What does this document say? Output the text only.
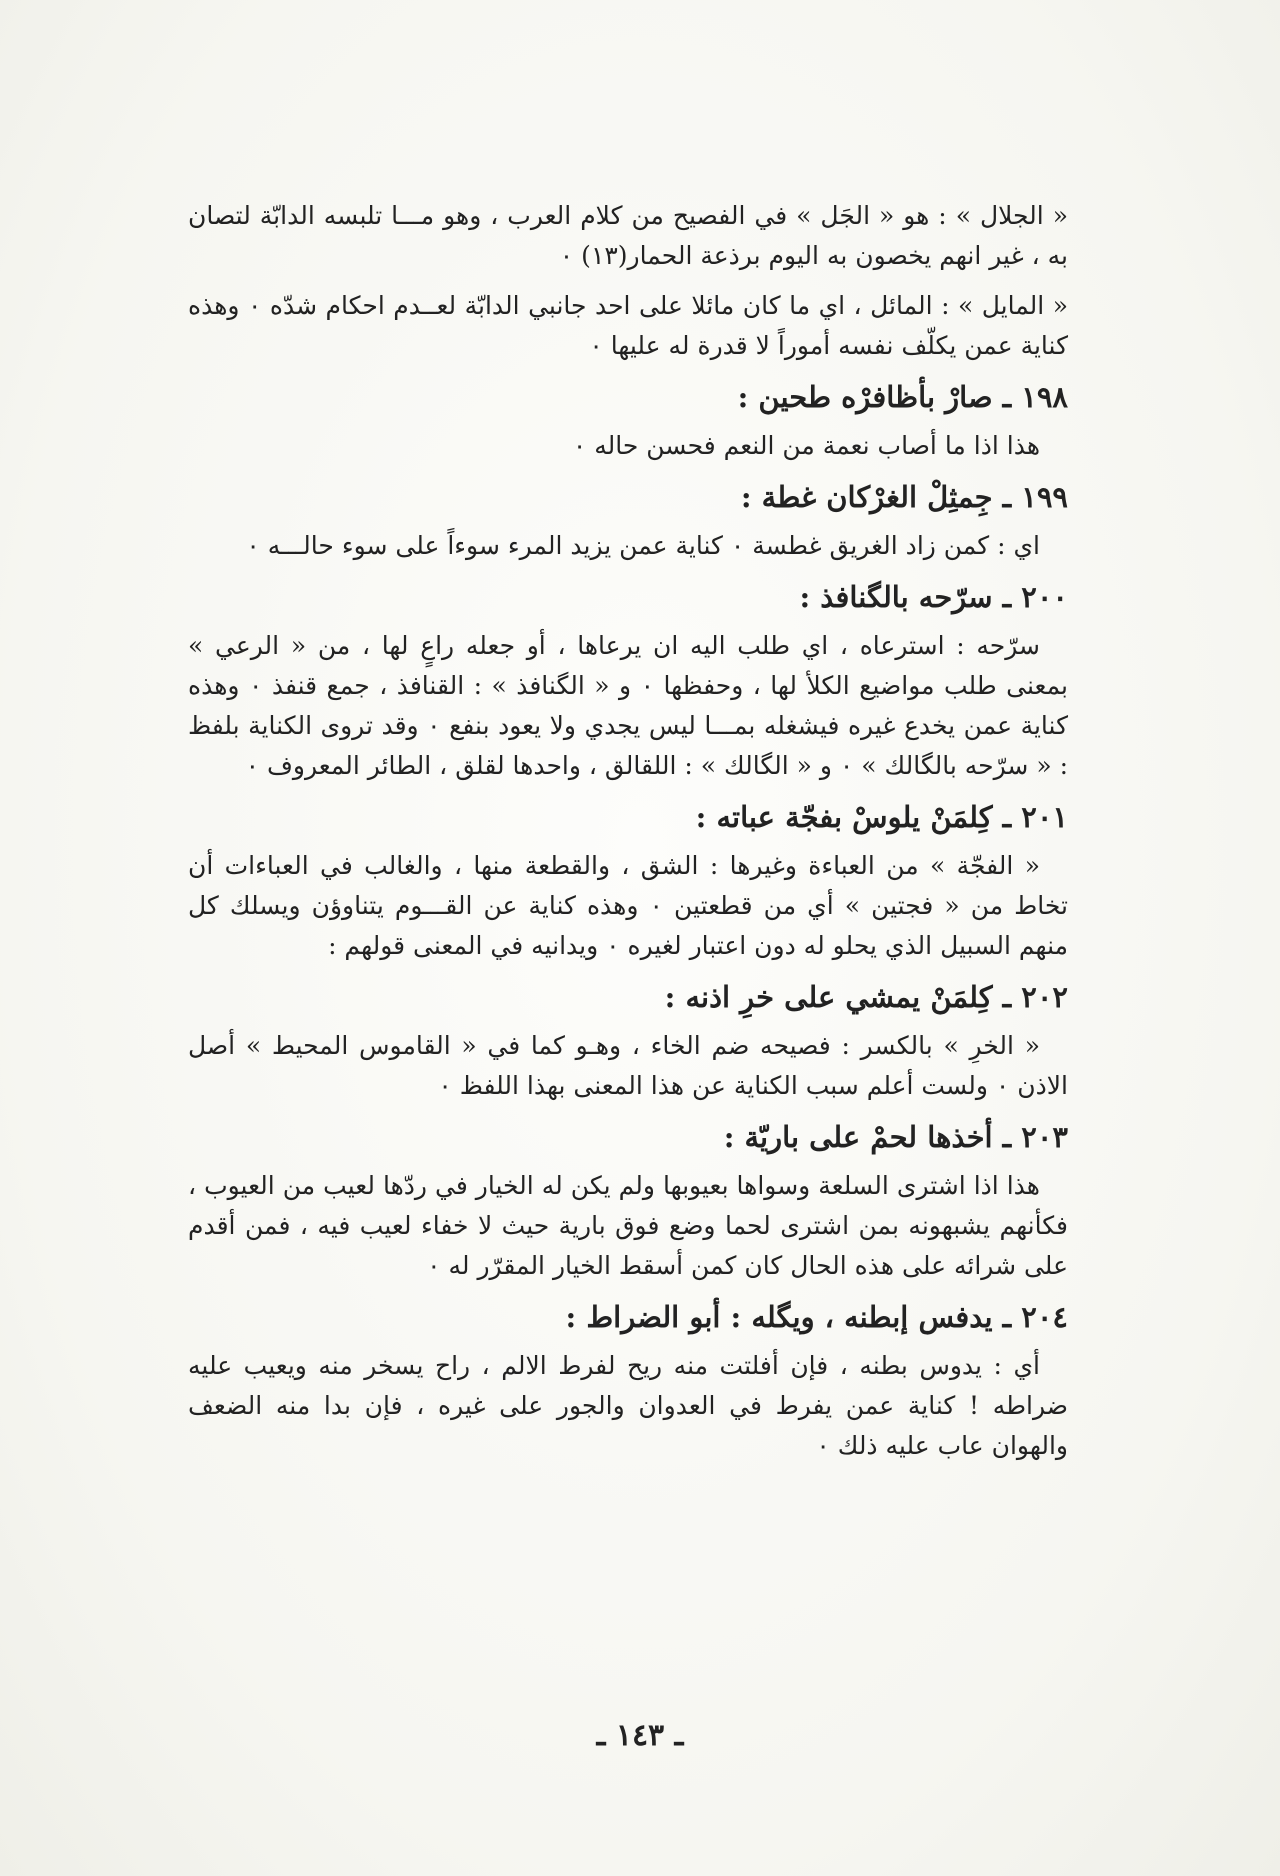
« الجلال » : هو « الجَل » في الفصيح من كلام العرب ، وهو مـــا تلبسه الدابّة لتصان به ، غير انهم يخصون به اليوم برذعة الحمار(١٣) ٠

« المايل » : المائل ، اي ما كان مائلا على احد جانبي الدابّة لعــدم احكام شدّه ٠ وهذه كناية عمن يكلّف نفسه أموراً لا قدرة له عليها ٠

١٩٨ ـ صارْ بأظافرْه طحين :

هذا اذا ما أصاب نعمة من النعم فحسن حاله ٠

١٩٩ ـ جِمثِلْ الغرْكان غطة :

اي : كمن زاد الغريق غطسة ٠ كناية عمن يزيد المرء سوءاً على سوء حالـــه ٠

٢٠٠ ـ سرّحه بالگنافذ :

سرّحه : استرعاه ، اي طلب اليه ان يرعاها ، أو جعله راعٍ لها ، من « الرعي » بمعنى طلب مواضيع الكلأ لها ، وحفظها ٠ و « الگنافذ » : القنافذ ، جمع قنفذ ٠ وهذه كناية عمن يخدع غيره فيشغله بمـــا ليس يجدي ولا يعود بنفع ٠ وقد تروى الكناية بلفظ : « سرّحه بالگالك » ٠ و « الگالك » : اللقالق ، واحدها لقلق ، الطائر المعروف ٠

٢٠١ ـ كِلمَنْ يلوسْ بفجّة عباته :

« الفجّة » من العباءة وغيرها : الشق ، والقطعة منها ، والغالب في العباءات أن تخاط من « فجتين » أي من قطعتين ٠ وهذه كناية عن القـــوم يتناوؤن ويسلك كل منهم السبيل الذي يحلو له دون اعتبار لغيره ٠ ويدانيه في المعنى قولهم :

٢٠٢ ـ كِلمَنْ يمشي على خرِ اذنه :

« الخرِ » بالكسر : فصيحه ضم الخاء ، وهـو كما في « القاموس المحيط » أصل الاذن ٠ ولست أعلم سبب الكناية عن هذا المعنى بهذا اللفظ ٠

٢٠٣ ـ أخذها لحمْ على باريّة :

هذا اذا اشترى السلعة وسواها بعيوبها ولم يكن له الخيار في ردّها لعيب من العيوب ، فكأنهم يشبهونه بمن اشترى لحما وضع فوق بارية حيث لا خفاء لعيب فيه ، فمن أقدم على شرائه على هذه الحال كان كمن أسقط الخيار المقرّر له ٠

٢٠٤ ـ يدفس إبطنه ، ويگله : أبو الضراط :

أي : يدوس بطنه ، فإن أفلتت منه ريح لفرط الالم ، راح يسخر منه ويعيب عليه ضراطه ! كناية عمن يفرط في العدوان والجور على غيره ، فإن بدا منه الضعف والهوان عاب عليه ذلك ٠

ـ ١٤٣ ـ
